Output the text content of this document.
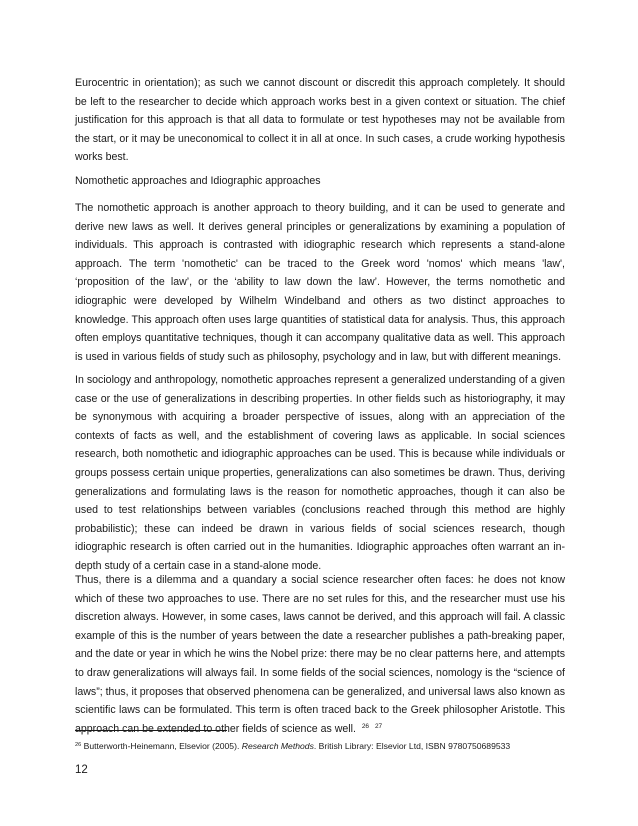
Eurocentric in orientation); as such we cannot discount or discredit this approach completely. It should be left to the researcher to decide which approach works best in a given context or situation. The chief justification for this approach is that all data to formulate or test hypotheses may not be available from the start, or it may be uneconomical to collect it in all at once. In such cases, a crude working hypothesis works best.

Nomothetic approaches and Idiographic approaches

The nomothetic approach is another approach to theory building, and it can be used to generate and derive new laws as well. It derives general principles or generalizations by examining a population of individuals. This approach is contrasted with idiographic research which represents a stand-alone approach. The term 'nomothetic' can be traced to the Greek word 'nomos' which means 'law', ‘proposition of the law’, or the ‘ability to law down the law’. However, the terms nomothetic and idiographic were developed by Wilhelm Windelband and others as two distinct approaches to knowledge. This approach often uses large quantities of statistical data for analysis. Thus, this approach often employs quantitative techniques, though it can accompany qualitative data as well. This approach is used in various fields of study such as philosophy, psychology and in law, but with different meanings.

In sociology and anthropology, nomothetic approaches represent a generalized understanding of a given case or the use of generalizations in describing properties. In other fields such as historiography, it may be synonymous with acquiring a broader perspective of issues, along with an appreciation of the contexts of facts as well, and the establishment of covering laws as applicable. In social sciences research, both nomothetic and idiographic approaches can be used. This is because while individuals or groups possess certain unique properties, generalizations can also sometimes be drawn. Thus, deriving generalizations and formulating laws is the reason for nomothetic approaches, though it can also be used to test relationships between variables (conclusions reached through this method are highly probabilistic); these can indeed be drawn in various fields of social sciences research, though idiographic research is often carried out in the humanities. Idiographic approaches often warrant an in-depth study of a certain case in a stand-alone mode.

Thus, there is a dilemma and a quandary a social science researcher often faces: he does not know which of these two approaches to use. There are no set rules for this, and the researcher must use his discretion always. However, in some cases, laws cannot be derived, and this approach will fail. A classic example of this is the number of years between the date a researcher publishes a path-breaking paper, and the date or year in which he wins the Nobel prize: there may be no clear patterns here, and attempts to draw generalizations will always fail. In some fields of the social sciences, nomology is the “science of laws”; thus, it proposes that observed phenomena can be generalized, and universal laws also known as scientific laws can be formulated. This term is often traced back to the Greek philosopher Aristotle. This approach can be extended to other fields of science as well. $^{26}$ $^{27}$

$^{26}$ Butterworth-Heinemann, Elsevior (2005). Research Methods. British Library: Elsevior Ltd, ISBN 9780750689533
12
